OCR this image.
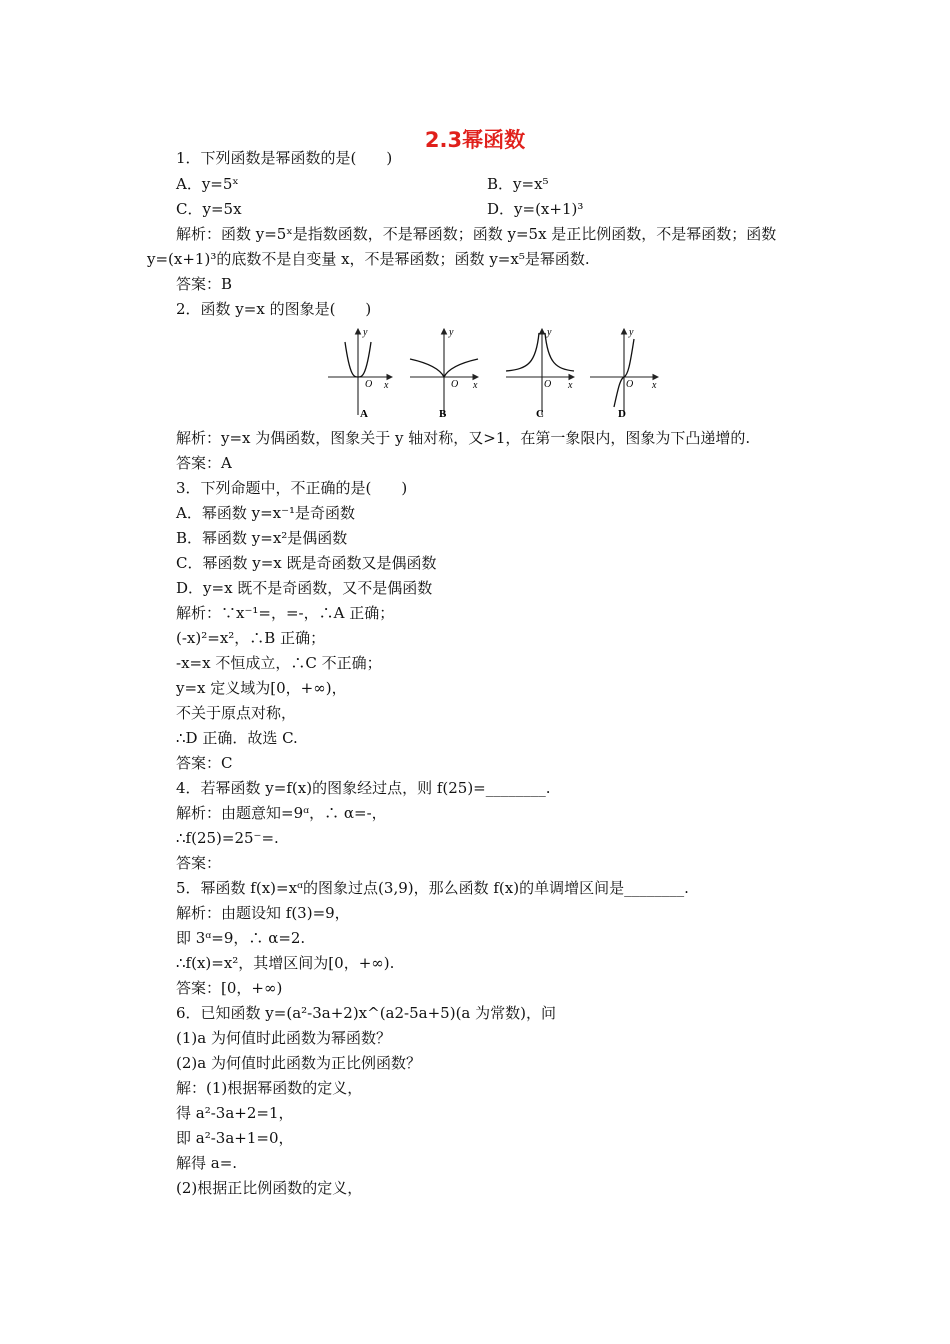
2.3幂函数
1．下列函数是幂函数的是(　　)
A．y=5ˣ	B．y=x⁵
C．y=5x	D．y=(x+1)³
解析：函数 y=5ˣ是指数函数，不是幂函数；函数 y=5x 是正比例函数，不是幂函数；函数
y=(x+1)³的底数不是自变量 x，不是幂函数；函数 y=x⁵是幂函数.
答案：B
2．函数 y=x 的图象是(　　)
y
O x
A
y
O x
B
y
O x
C
y
O x
D
解析：y=x 为偶函数，图象关于 y 轴对称，又>1，在第一象限内，图象为下凸递增的.
答案：A
3．下列命题中，不正确的是(　　)
A．幂函数 y=x⁻¹是奇函数
B．幂函数 y=x²是偶函数
C．幂函数 y=x 既是奇函数又是偶函数
D．y=x 既不是奇函数，又不是偶函数
解析：∵x⁻¹=，=-，∴A 正确；
(-x)²=x²，∴B 正确；
-x=x 不恒成立，∴C 不正确；
y=x 定义域为[0，+∞)，
不关于原点对称，
∴D 正确．故选 C.
答案：C
4．若幂函数 y=f(x)的图象经过点，则 f(25)=________.
解析：由题意知=9ᵅ，∴ α=-，
∴f(25)=25⁻=.
答案：
5．幂函数 f(x)=xᵅ的图象过点(3,9)，那么函数 f(x)的单调增区间是________.
解析：由题设知 f(3)=9，
即 3ᵅ=9，∴ α=2.
∴f(x)=x²，其增区间为[0，+∞).
答案：[0，+∞)
6．已知函数 y=(a²-3a+2)x^(a2-5a+5)(a 为常数)，问
(1)a 为何值时此函数为幂函数？
(2)a 为何值时此函数为正比例函数？
解：(1)根据幂函数的定义，
得 a²-3a+2=1，
即 a²-3a+1=0，
解得 a=.
(2)根据正比例函数的定义，
